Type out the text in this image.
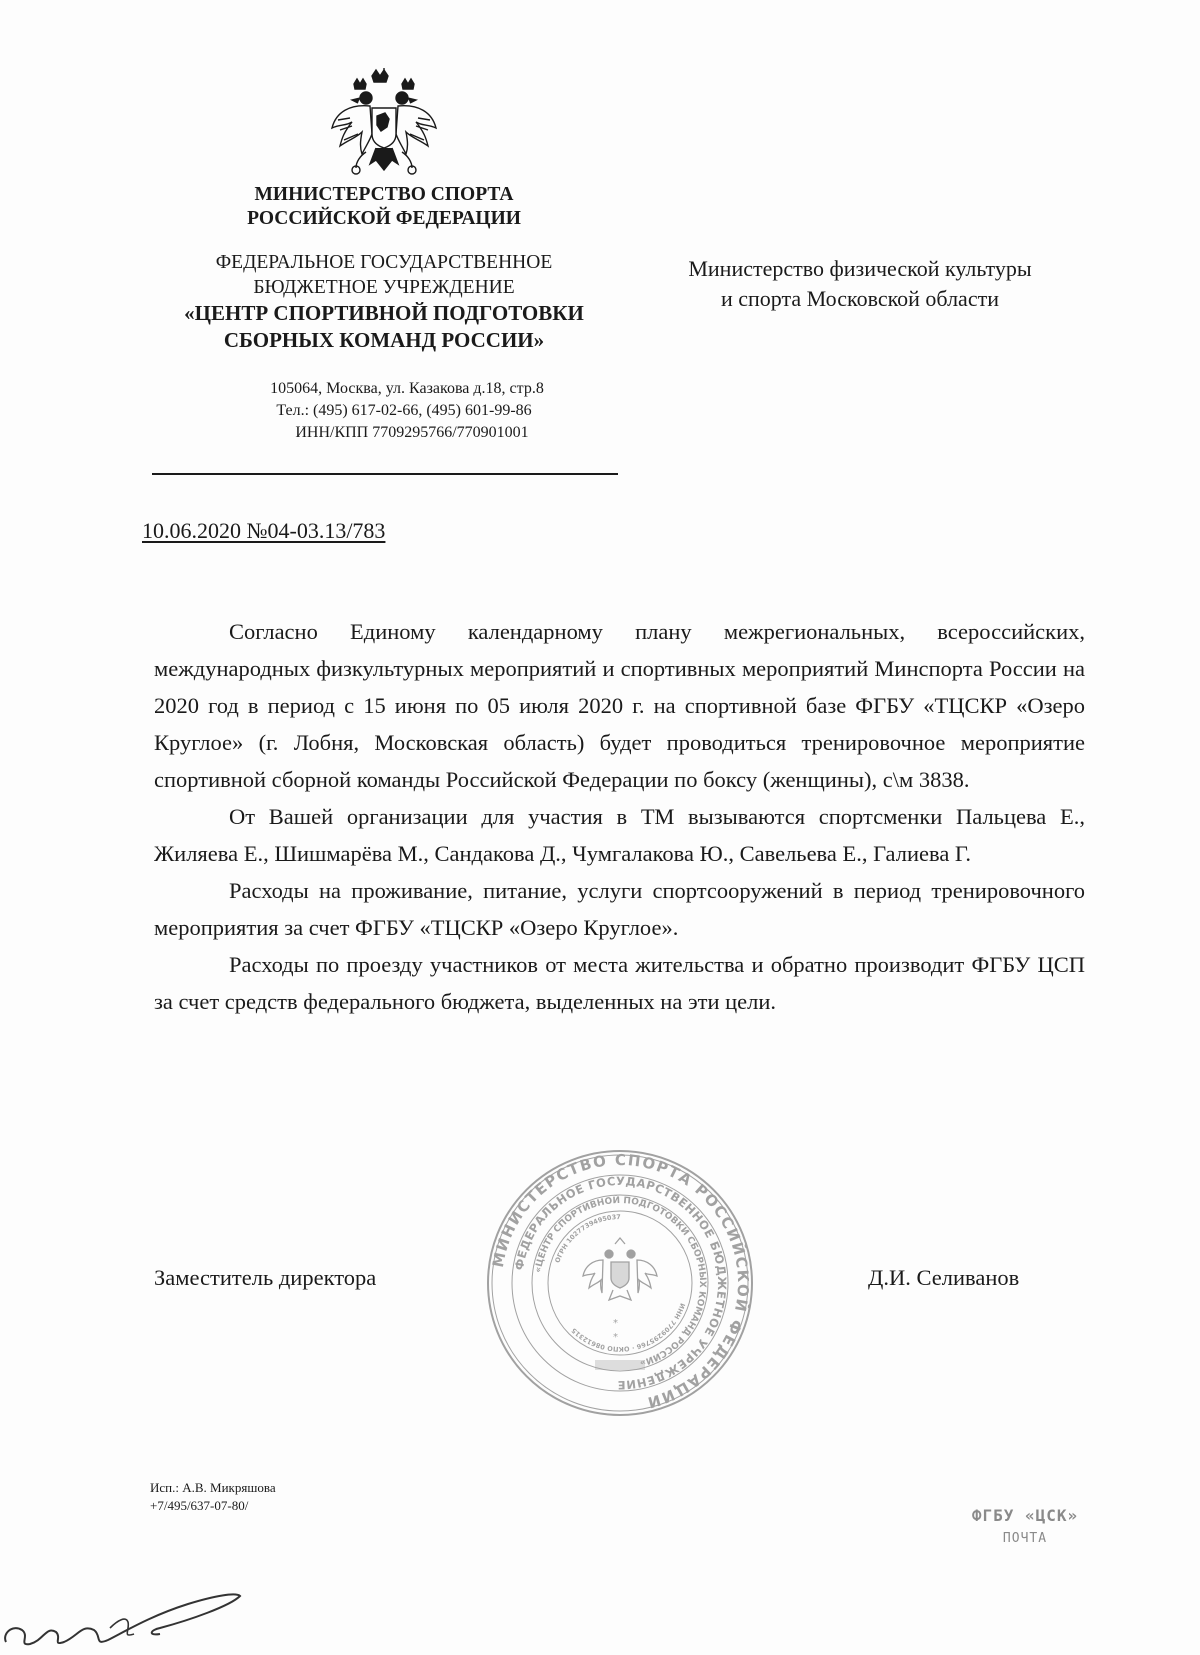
МИНИСТЕРСТВО СПОРТА
РОССИЙСКОЙ ФЕДЕРАЦИИ
ФЕДЕРАЛЬНОЕ ГОСУДАРСТВЕННОЕ
БЮДЖЕТНОЕ УЧРЕЖДЕНИЕ
«ЦЕНТР СПОРТИВНОЙ ПОДГОТОВКИ
СБОРНЫХ КОМАНД РОССИИ»
105064, Москва, ул. Казакова д.18, стр.8
Тел.: (495) 617-02-66, (495) 601-99-86
ИНН/КПП 7709295766/770901001
Министерство физической культуры
и спорта Московской области
10.06.2020 №04-03.13/783

Согласно Единому календарному плану межрегиональных, всероссийских, международных физкультурных мероприятий и спортивных мероприятий Минспорта России на 2020 год в период с 15 июня по 05 июля 2020 г. на спортивной базе ФГБУ «ТЦСКР «Озеро Круглое» (г. Лобня, Московская область) будет проводиться тренировочное мероприятие спортивной сборной команды Российской Федерации по боксу (женщины), с\м 3838.

От Вашей организации для участия в ТМ вызываются спортсменки Пальцева Е., Жиляева Е., Шишмарёва М., Сандакова Д., Чумгалакова Ю., Савельева Е., Галиева Г.

Расходы на проживание, питание, услуги спортсооружений в период тренировочного мероприятия за счет ФГБУ «ТЦСКР «Озеро Круглое».

Расходы по проезду участников от места жительства и обратно производит ФГБУ ЦСП за счет средств федерального бюджета, выделенных на эти цели.

МИНИСТЕРСТВО СПОРТА РОССИЙСКОЙ ФЕДЕРАЦИИ
ФЕДЕРАЛЬНОЕ ГОСУДАРСТВЕННОЕ БЮДЖЕТНОЕ УЧРЕЖДЕНИЕ
«ЦЕНТР СПОРТИВНОЙ ПОДГОТОВКИ СБОРНЫХ КОМАНД РОССИИ»
ОГРН 1027739495037
ИНН 7709295766 · ОКПО 08612315
*
*
Заместитель директора	Д.И. Селиванов
Исп.: А.В. Микряшова
+7/495/637-07-80/
ФГБУ «ЦСК»
ПОЧТА
